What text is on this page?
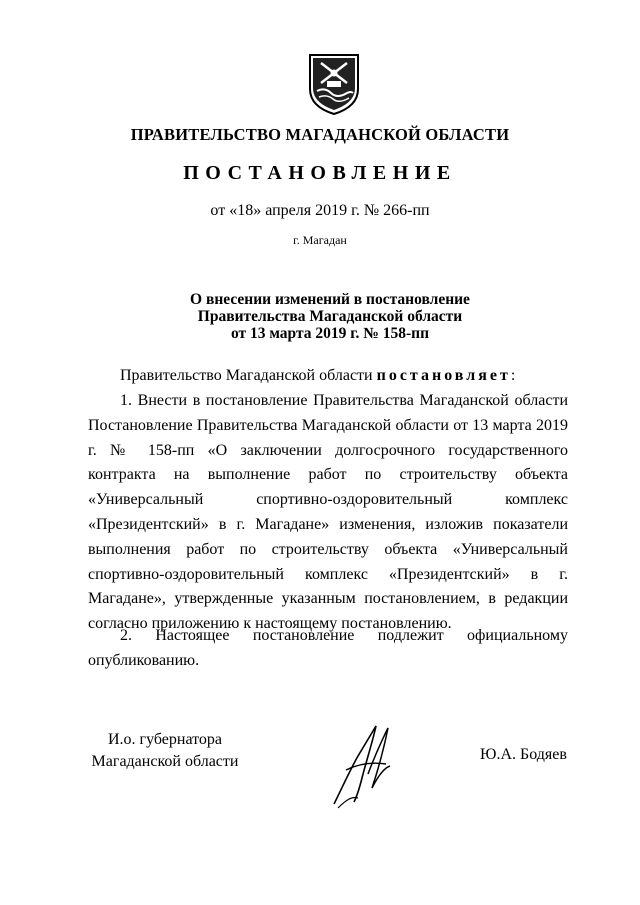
ПРАВИТЕЛЬСТВО МАГАДАНСКОЙ ОБЛАСТИ
ПОСТАНОВЛЕНИЕ
от «18» апреля 2019 г. № 266-пп
г. Магадан
О внесении изменений в постановление
Правительства Магаданской области
от 13 марта 2019 г. № 158-пп
Правительство Магаданской области постановляет:
1. Внести в постановление Правительства Магаданской области Постановление Правительства Магаданской области от 13 марта 2019 г. № 158-пп «О заключении долгосрочного государственного контракта на выполнение работ по строительству объекта «Универсальный спортивно-оздоровительный комплекс «Президентский» в г. Магадане» изменения, изложив показатели выполнения работ по строительству объекта «Универсальный спортивно-оздоровительный комплекс «Президентский» в г. Магадане», утвержденные указанным постановлением, в редакции согласно приложению к настоящему постановлению.
2. Настоящее постановление подлежит официальному опубликованию.
И.о. губернатора
Магаданской области	Ю.А. Бодяев
